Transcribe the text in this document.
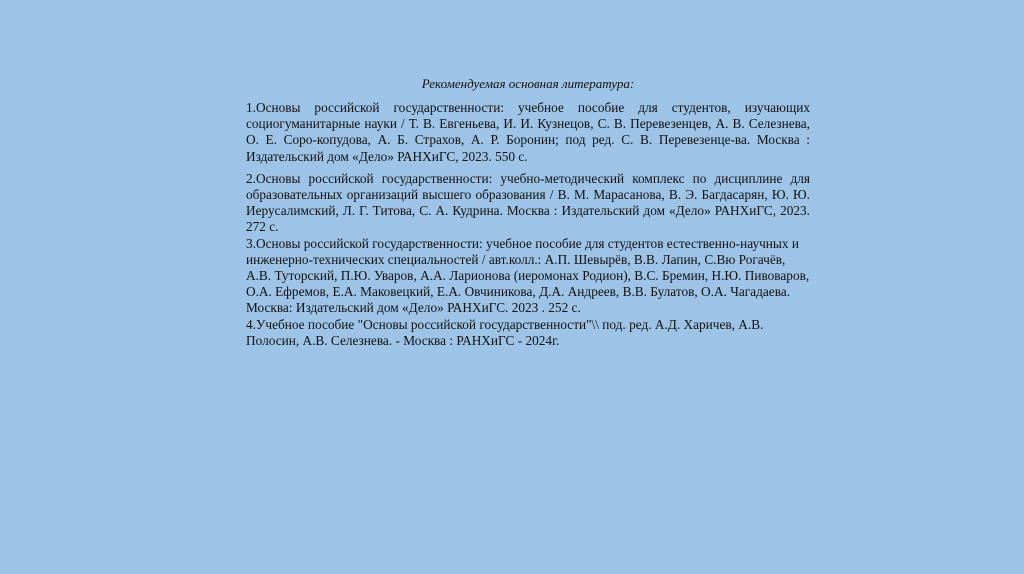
Рекомендуемая основная литература:

1.Основы российской государственности: учебное пособие для студентов, изучающих социогуманитарные науки / Т. В. Евгеньева, И. И. Кузнецов, С. В. Перевезенцев, А. В. Селезнева, О. Е. Соро-копудова, А. Б. Страхов, А. Р. Боронин; под ред. С. В. Перевезенце-ва. Москва : Издательский дом «Дело» РАНХиГС, 2023. 550 с.

2.Основы российской государственности: учебно-методический комплекс по дисциплине для образовательных организаций высшего образования / В. М. Марасанова, В. Э. Багдасарян, Ю. Ю. Иерусалимский, Л. Г. Титова, С. А. Кудрина. Москва : Издательский дом «Дело» РАНХиГС, 2023. 272 с.

3.Основы российской государственности: учебное пособие для студентов естественно-научных и инженерно-технических специальностей / авт.колл.: А.П. Шевырёв, В.В. Лапин, С.Вю Рогачёв, А.В. Туторский, П.Ю. Уваров, А.А. Ларионова (иеромонах Родион), В.С. Бремин, Н.Ю. Пивоваров, О.А. Ефремов, Е.А. Маковецкий, Е.А. Овчиникова, Д.А. Андреев, В.В. Булатов, О.А. Чагадаева. Москва: Издательский дом «Дело» РАНХиГС. 2023 . 252 с.

4.Учебное пособие "Основы российской государственности"\\ под. ред. А.Д. Харичев, А.В. Полосин, А.В. Селезнева. - Москва : РАНХиГС - 2024г.
